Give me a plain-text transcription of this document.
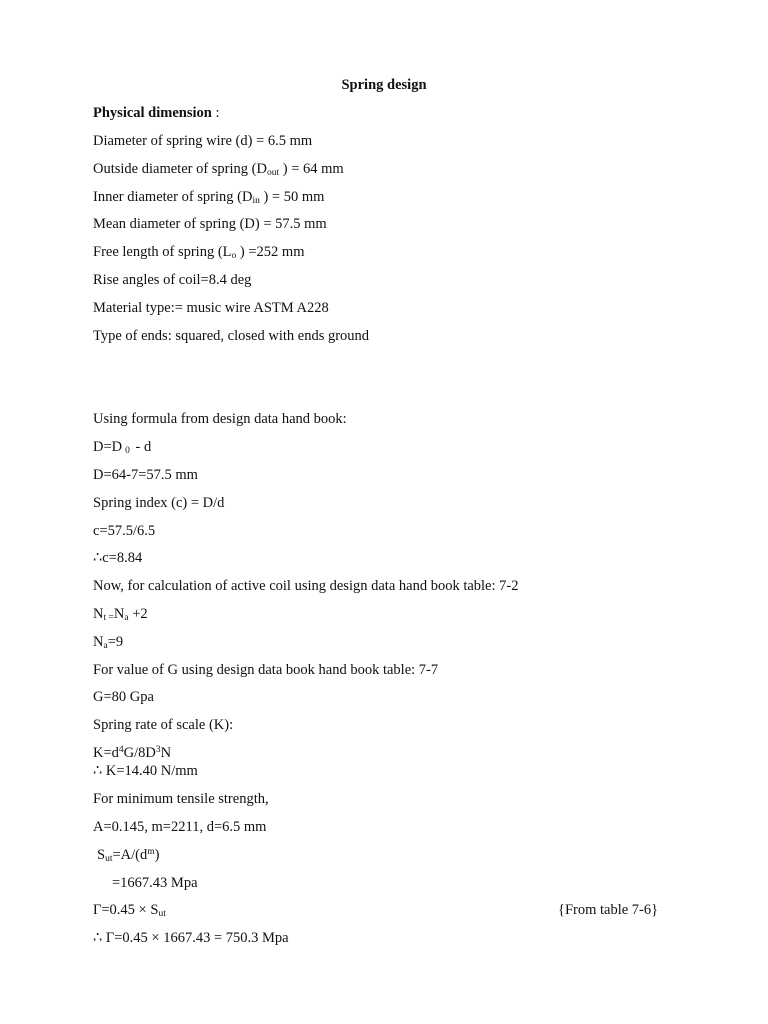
Spring design
Physical dimension :
Diameter of spring wire (d) = 6.5 mm
Outside diameter of spring ($D_{out}$ ) = 64 mm
Inner diameter of spring ($D_{in}$ ) = 50 mm
Mean diameter of spring (D) = 57.5 mm
Free length of spring ($L_o$ ) =252 mm
Rise angles of coil=8.4 deg
Material type:= music wire ASTM A228
Type of ends: squared, closed with ends ground
Using formula from design data hand book:
D=D $_0$ - d
D=64-7=57.5 mm
Spring index (c) = D/d
c=57.5/6.5
∴c=8.84
Now, for calculation of active coil using design data hand book table: 7-2
$N_{t =}N_a +2$
$N_a=9$
For value of G using design data book hand book table: 7-7
G=80 Gpa
Spring rate of scale (K):
$K=d^4G/8D^3N$
∴ K=14.40 N/mm
For minimum tensile strength,
A=0.145, m=2211, d=6.5 mm
$S_{ut}=A/(d^m)$
=1667.43 Mpa
$\Gamma=0.45 \times S_{ut}$	{From table 7-6}
∴ Γ=0.45 × 1667.43 = 750.3 Mpa
